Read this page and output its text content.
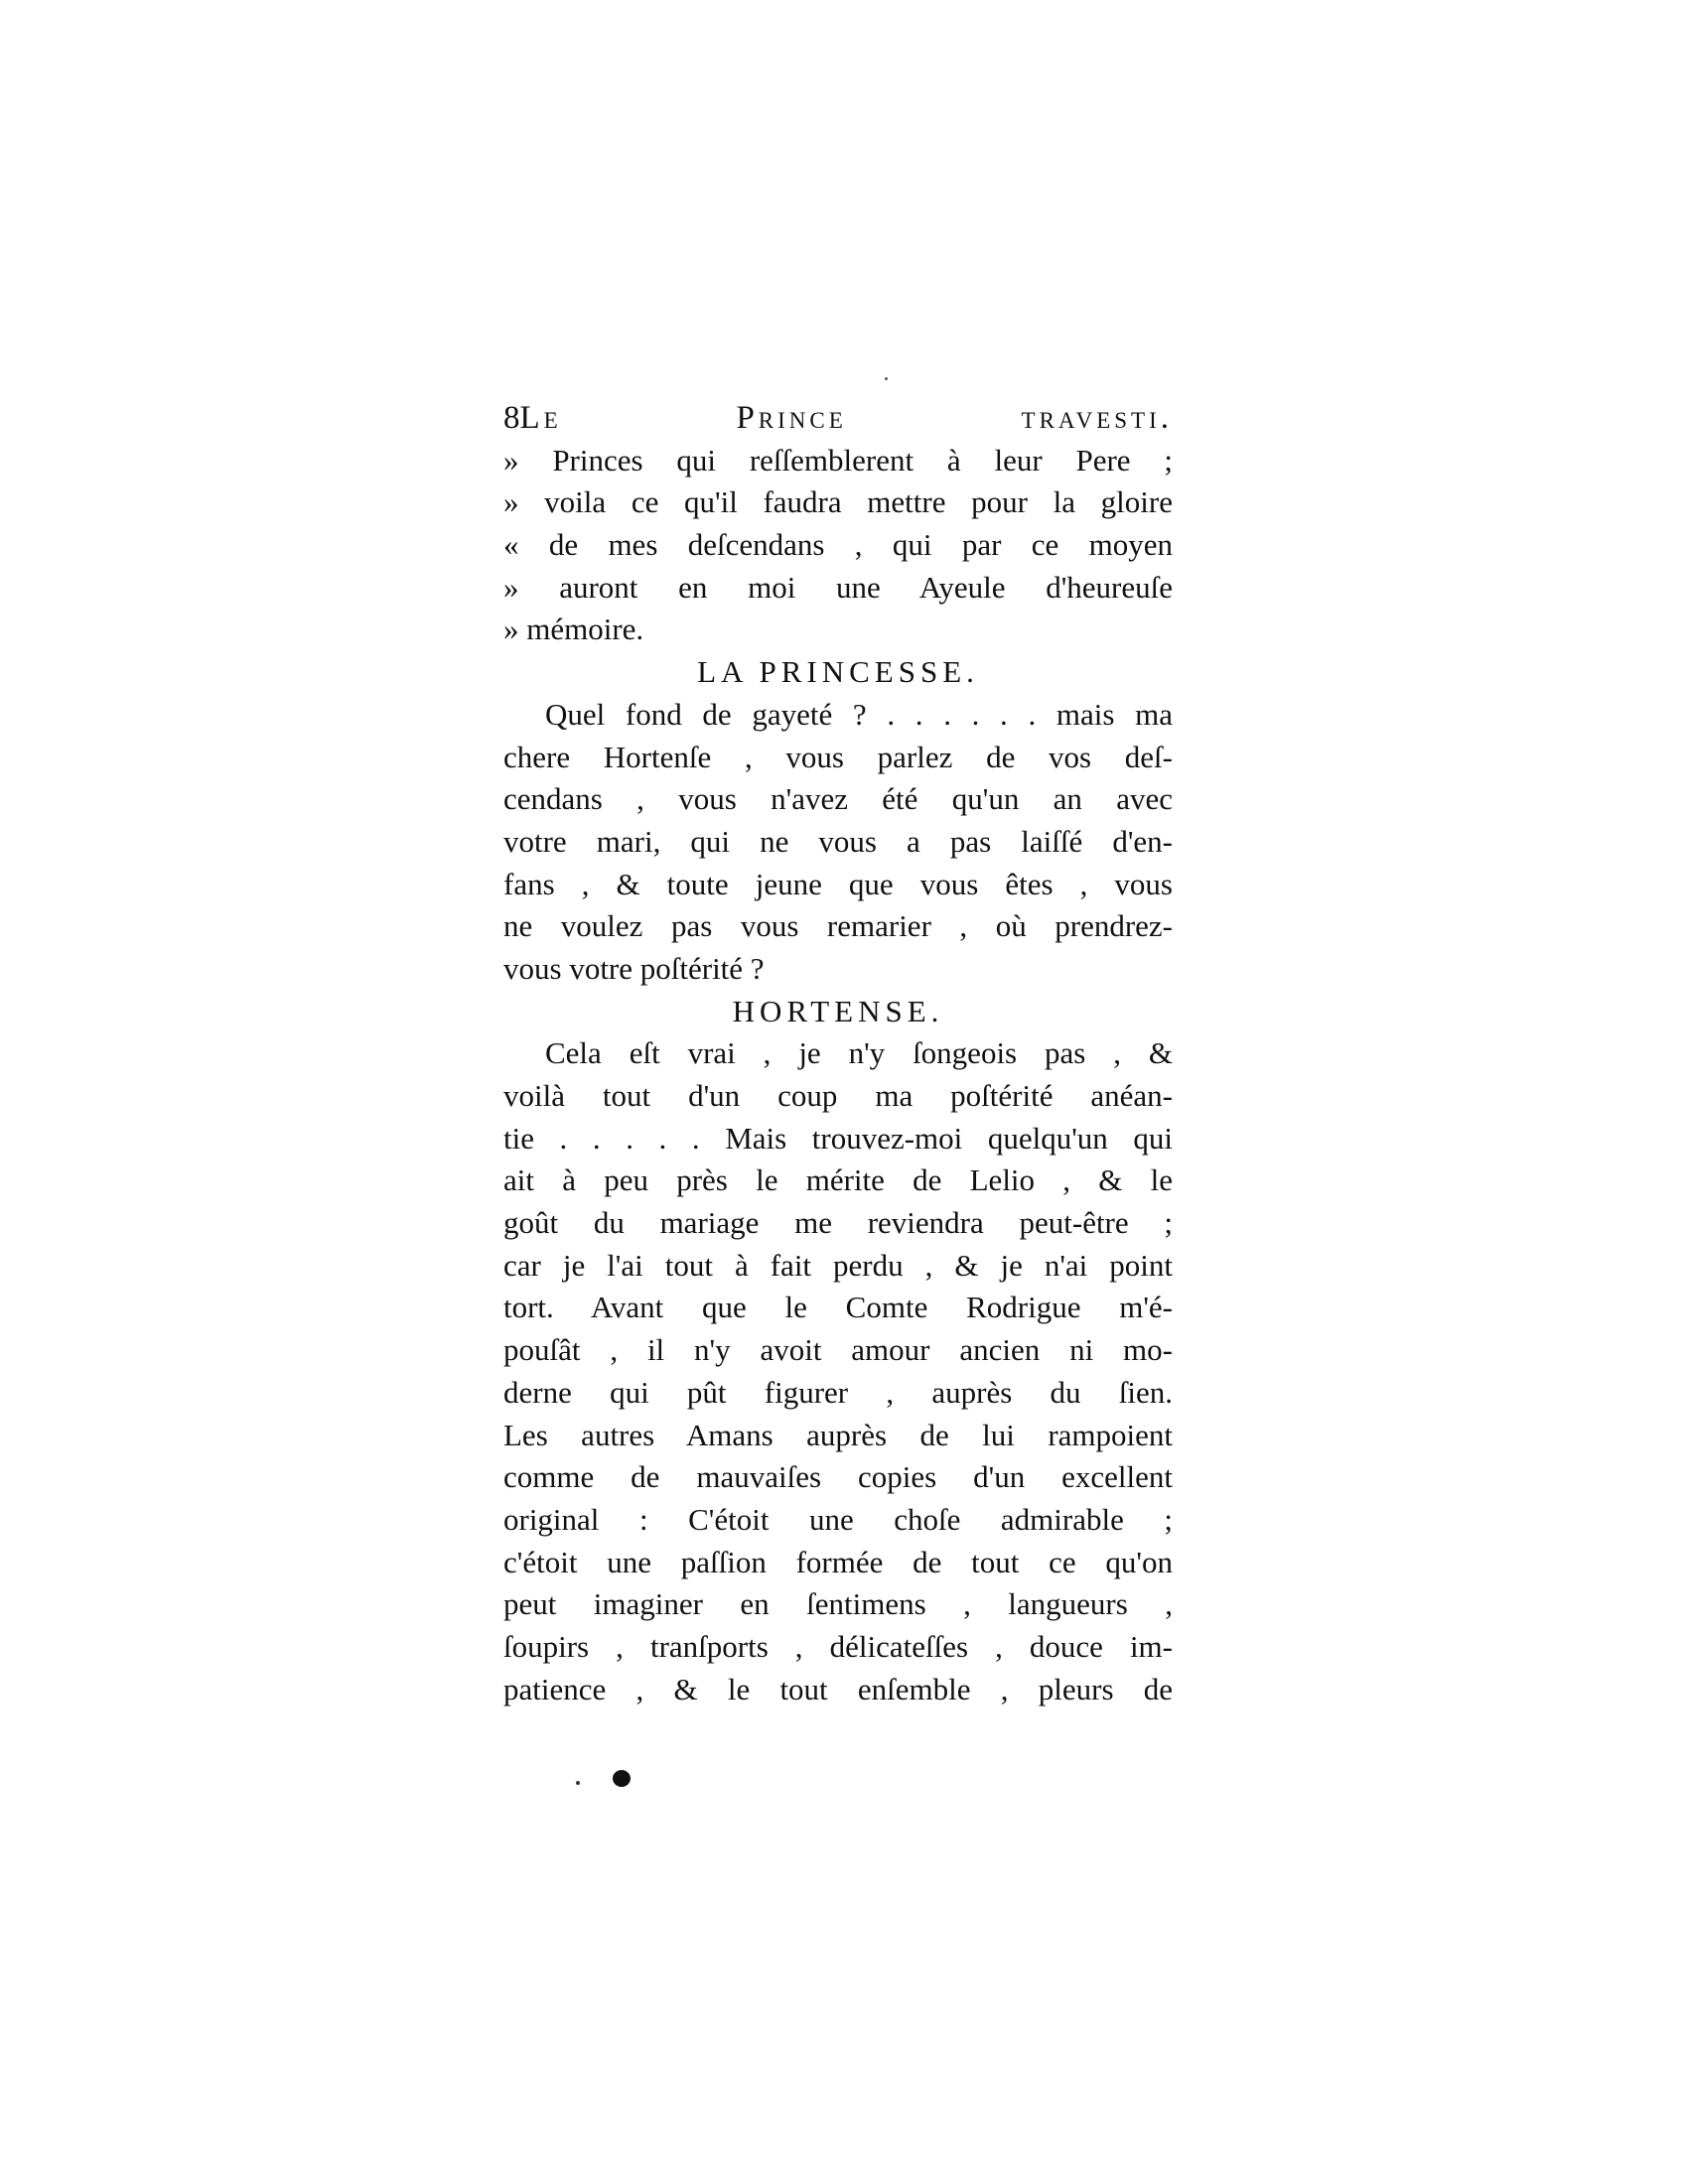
8 Le Prince travesti.
» Princes qui reſſemblerent à leur Pere ;
» voila ce qu'il faudra mettre pour la gloire
« de mes deſcendans , qui par ce moyen
» auront en moi une Ayeule d'heureuſe
» mémoire.
LA PRINCESSE.
Quel fond de gayeté ? . . . . . . mais ma
chere Hortenſe , vous parlez de vos deſ-
cendans , vous n'avez été qu'un an avec
votre mari, qui ne vous a pas laiſſé d'en-
fans , & toute jeune que vous êtes , vous
ne voulez pas vous remarier , où prendrez-
vous votre poſtérité ?
HORTENSE.
Cela eſt vrai , je n'y ſongeois pas , &
voilà tout d'un coup ma poſtérité anéan-
tie . . . . . Mais trouvez-moi quelqu'un qui
ait à peu près le mérite de Lelio , & le
goût du mariage me reviendra peut-être ;
car je l'ai tout à fait perdu , & je n'ai point
tort. Avant que le Comte Rodrigue m'é-
pouſât , il n'y avoit amour ancien ni mo-
derne qui pût figurer , auprès du ſien.
Les autres Amans auprès de lui rampoient
comme de mauvaiſes copies d'un excellent
original : C'étoit une choſe admirable ;
c'étoit une paſſion formée de tout ce qu'on
peut imaginer en ſentimens , langueurs ,
ſoupirs , tranſports , délicateſſes , douce im-
patience , & le tout enſemble , pleurs de
